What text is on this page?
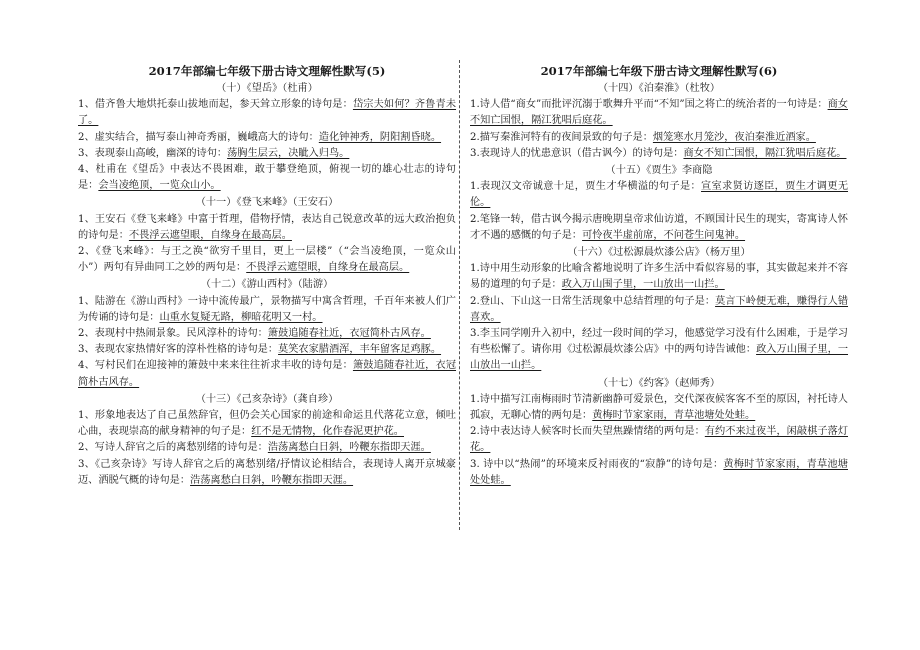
2017年部编七年级下册古诗文理解性默写(5)
（十）《望岳》（杜甫）

1、借齐鲁大地烘托泰山拔地而起，参天耸立形象的诗句是：岱宗夫如何？齐鲁青未了。

2、虚实结合，描写泰山神奇秀丽，巍峨高大的诗句：造化钟神秀，阴阳割昏晓。

3、表现泰山高峻，幽深的诗句：荡胸生层云，决眦入归鸟。

4、杜甫在《望岳》中表达不畏困难，敢于攀登绝顶，俯视一切的雄心壮志的诗句是：会当凌绝顶，一览众山小。

（十一）《登飞来峰》（王安石）

1、王安石《登飞来峰》中富于哲理，借物抒情，表达自己锐意改革的远大政治抱负的诗句是：不畏浮云遮望眼，自缘身在最高层。

2、《登飞来峰》：与王之涣“欲穷千里目，更上一层楼”（“会当凌绝顶，一览众山小”）两句有异曲同工之妙的两句是：不畏浮云遮望眼，自缘身在最高层。

（十二）《游山西村》（陆游）

1、陆游在《游山西村》一诗中流传最广，景物描写中寓含哲理，千百年来被人们广为传诵的诗句是：山重水复疑无路，柳暗花明又一村。

2、表现村中热闹景象。民风淳朴的诗句：箫鼓追随春社近，衣冠简朴古风存。

3、表现农家热情好客的淳朴性格的诗句是：莫笑农家腊酒浑，丰年留客足鸡豚。

4、写村民们在迎接神的箫鼓中来来往往祈求丰收的诗句是：箫鼓追随春社近，衣冠简朴古风存。

（十三）《己亥杂诗》（龚自珍）

1、形象地表达了自己虽然辞官，但仍会关心国家的前途和命运且代落花立意，倾吐心曲，表现崇高的献身精神的句子是：红不是无情物，化作春泥更护花。

2、写诗人辞官之后的离愁别绪的诗句是：浩荡离愁白日斜，吟鞭东指即天涯。

3、《己亥杂诗》写诗人辞官之后的离愁别绪/抒情议论相结合，表现诗人离开京城豪迈、洒脱气概的诗句是：浩荡离愁白日斜，吟鞭东指即天涯。

2017年部编七年级下册古诗文理解性默写(6)
（十四）《泊秦淮》（杜牧）

1.诗人借“商女”而批评沉溺于歌舞升平而“不知”国之将亡的统治者的一句诗是：商女不知亡国恨，隔江犹唱后庭花。

2.描写秦淮河特有的夜间景致的句子是：烟笼寒水月笼沙，夜泊秦淮近酒家。

3.表现诗人的忧患意识（借古讽今）的诗句是：商女不知亡国恨，隔江犹唱后庭花。

（十五）《贾生》李商隐

1.表现汉文帝诚意十足，贾生才华横溢的句子是：宣室求贤访逐臣，贾生才调更无伦。

2.笔锋一转，借古讽今揭示唐晚期皇帝求仙访道，不顾国计民生的现实，寄寓诗人怀才不遇的感慨的句子是：可怜夜半虚前席，不问苍生问鬼神。

（十六）《过松源晨炊漆公店》（杨万里）

1.诗中用生动形象的比喻含蓄地说明了许多生活中看似容易的事，其实做起来并不容易的道理的句子是：政入万山围子里，一山放出一山拦。

2.登山、下山这一日常生活现象中总结哲理的句子是：莫言下岭便无难，赚得行人错喜欢。

3.李玉同学刚升入初中，经过一段时间的学习，他感觉学习没有什么困难，于是学习有些松懈了。请你用《过松源晨炊漆公店》中的两句诗告诫他：政入万山围子里，一山放出一山拦。

（十七）《约客》（赵师秀）

1.诗中描写江南梅雨时节清新幽静可爱景色，交代深夜候客客不至的原因，衬托诗人孤寂，无聊心情的两句是：黄梅时节家家雨，青草池塘处处蛙。

2.诗中表达诗人候客时长而失望焦躁情绪的两句是：有约不来过夜半，闲敲棋子落灯花。

3. 诗中以“热闹”的环境来反衬雨夜的“寂静”的诗句是：黄梅时节家家雨，青草池塘处处蛙。
